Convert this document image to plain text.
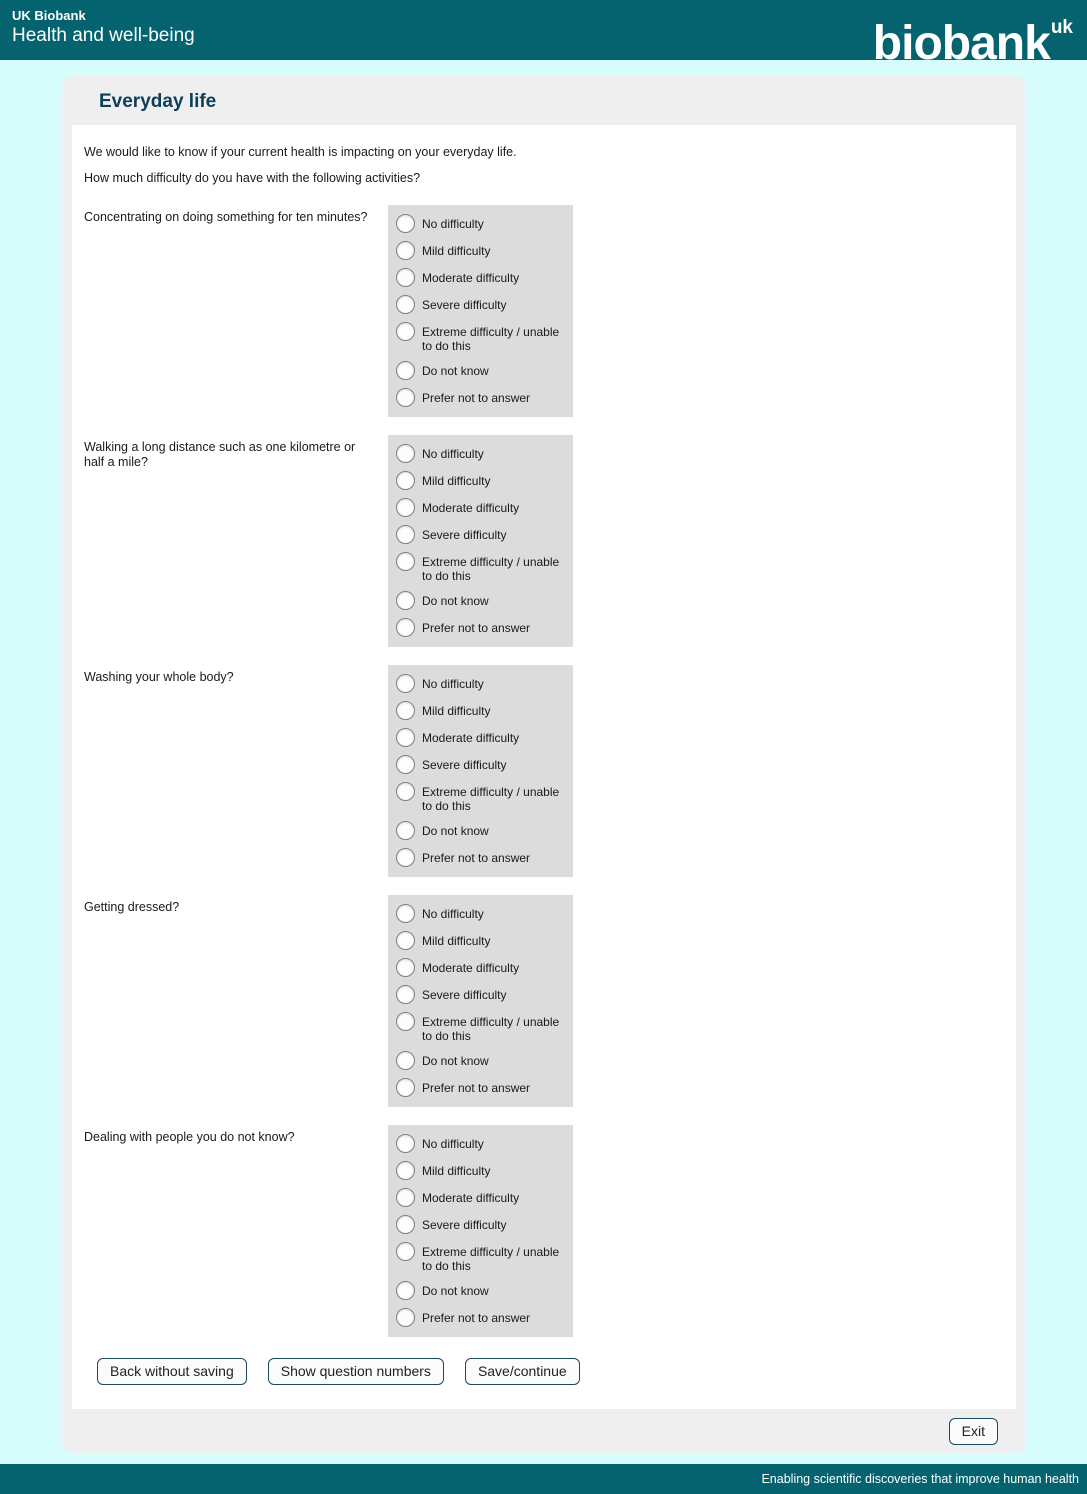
UK Biobank
Health and well-being	biobank$^{uk}$
Everyday life

We would like to know if your current health is impacting on your everyday life.

How much difficulty do you have with the following activities?

Concentrating on doing something for ten minutes?	No difficulty
Mild difficulty
Moderate difficulty
Severe difficulty
Extreme difficulty / unable to do this
Do not know
Prefer not to answer
Walking a long distance such as one kilometre or half a mile?
No difficulty
Mild difficulty
Moderate difficulty
Severe difficulty
Extreme difficulty / unable to do this
Do not know
Prefer not to answer
Washing your whole body?	No difficulty
Mild difficulty
Moderate difficulty
Severe difficulty
Extreme difficulty / unable to do this
Do not know
Prefer not to answer
Getting dressed?	No difficulty
Mild difficulty
Moderate difficulty
Severe difficulty
Extreme difficulty / unable to do this
Do not know
Prefer not to answer
Dealing with people you do not know?	No difficulty
Mild difficulty
Moderate difficulty
Severe difficulty
Extreme difficulty / unable to do this
Do not know
Prefer not to answer
Back without saving	Show question numbers	Save/continue
Exit
Enabling scientific discoveries that improve human health
